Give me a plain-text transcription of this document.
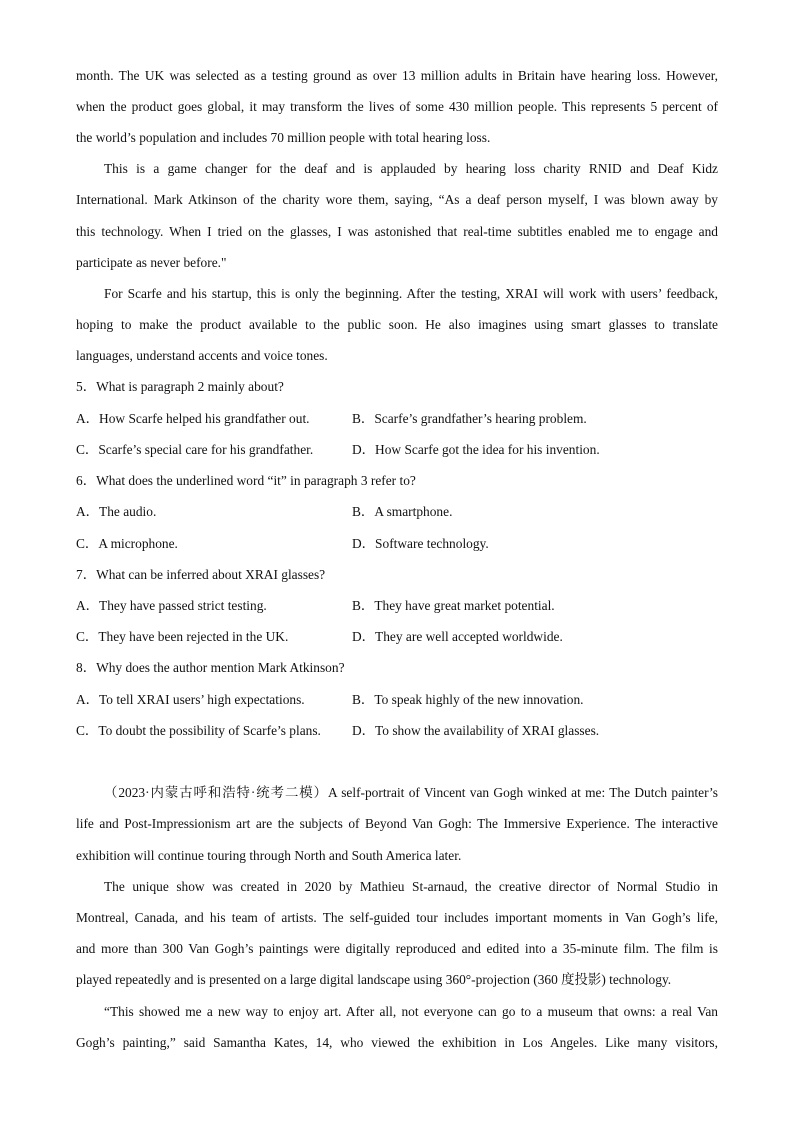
month. The UK was selected as a testing ground as over 13 million adults in Britain have hearing loss. However,
when the product goes global, it may transform the lives of some 430 million people. This represents 5 percent of
the world’s population and includes 70 million people with total hearing loss.
This is a game changer for the deaf and is applauded by hearing loss charity RNID and Deaf Kidz
International. Mark Atkinson of the charity wore them, saying, “As a deaf person myself, I was blown away by
this technology. When I tried on the glasses, I was astonished that real-time subtitles enabled me to engage and
participate as never before."
For Scarfe and his startup, this is only the beginning. After the testing, XRAI will work with users’ feedback,
hoping to make the product available to the public soon. He also imagines using smart glasses to translate
languages, understand accents and voice tones.
5．What is paragraph 2 mainly about?
A．How Scarfe helped his grandfather out.	B．Scarfe’s grandfather’s hearing problem.
C．Scarfe’s special care for his grandfather.	D．How Scarfe got the idea for his invention.
6．What does the underlined word “it” in paragraph 3 refer to?
A．The audio.	B．A smartphone.
C．A microphone.	D．Software technology.
7．What can be inferred about XRAI glasses?
A．They have passed strict testing.	B．They have great market potential.
C．They have been rejected in the UK.	D．They are well accepted worldwide.
8．Why does the author mention Mark Atkinson?
A．To tell XRAI users’ high expectations.	B．To speak highly of the new innovation.
C．To doubt the possibility of Scarfe’s plans. D．To show the availability of XRAI glasses.
（2023·内蒙古呼和浩特·统考二模）A self-portrait of Vincent van Gogh winked at me: The Dutch painter’s
life and Post-Impressionism art are the subjects of Beyond Van Gogh: The Immersive Experience. The interactive
exhibition will continue touring through North and South America later.
The unique show was created in 2020 by Mathieu St-arnaud, the creative director of Normal Studio in
Montreal, Canada, and his team of artists. The self-guided tour includes important moments in Van Gogh’s life,
and more than 300 Van Gogh’s paintings were digitally reproduced and edited into a 35-minute film. The film is
played repeatedly and is presented on a large digital landscape using 360°-projection (360 度投影) technology.
“This showed me a new way to enjoy art. After all, not everyone can go to a museum that owns: a real Van
Gogh’s painting,” said Samantha Kates, 14, who viewed the exhibition in Los Angeles. Like many visitors,
